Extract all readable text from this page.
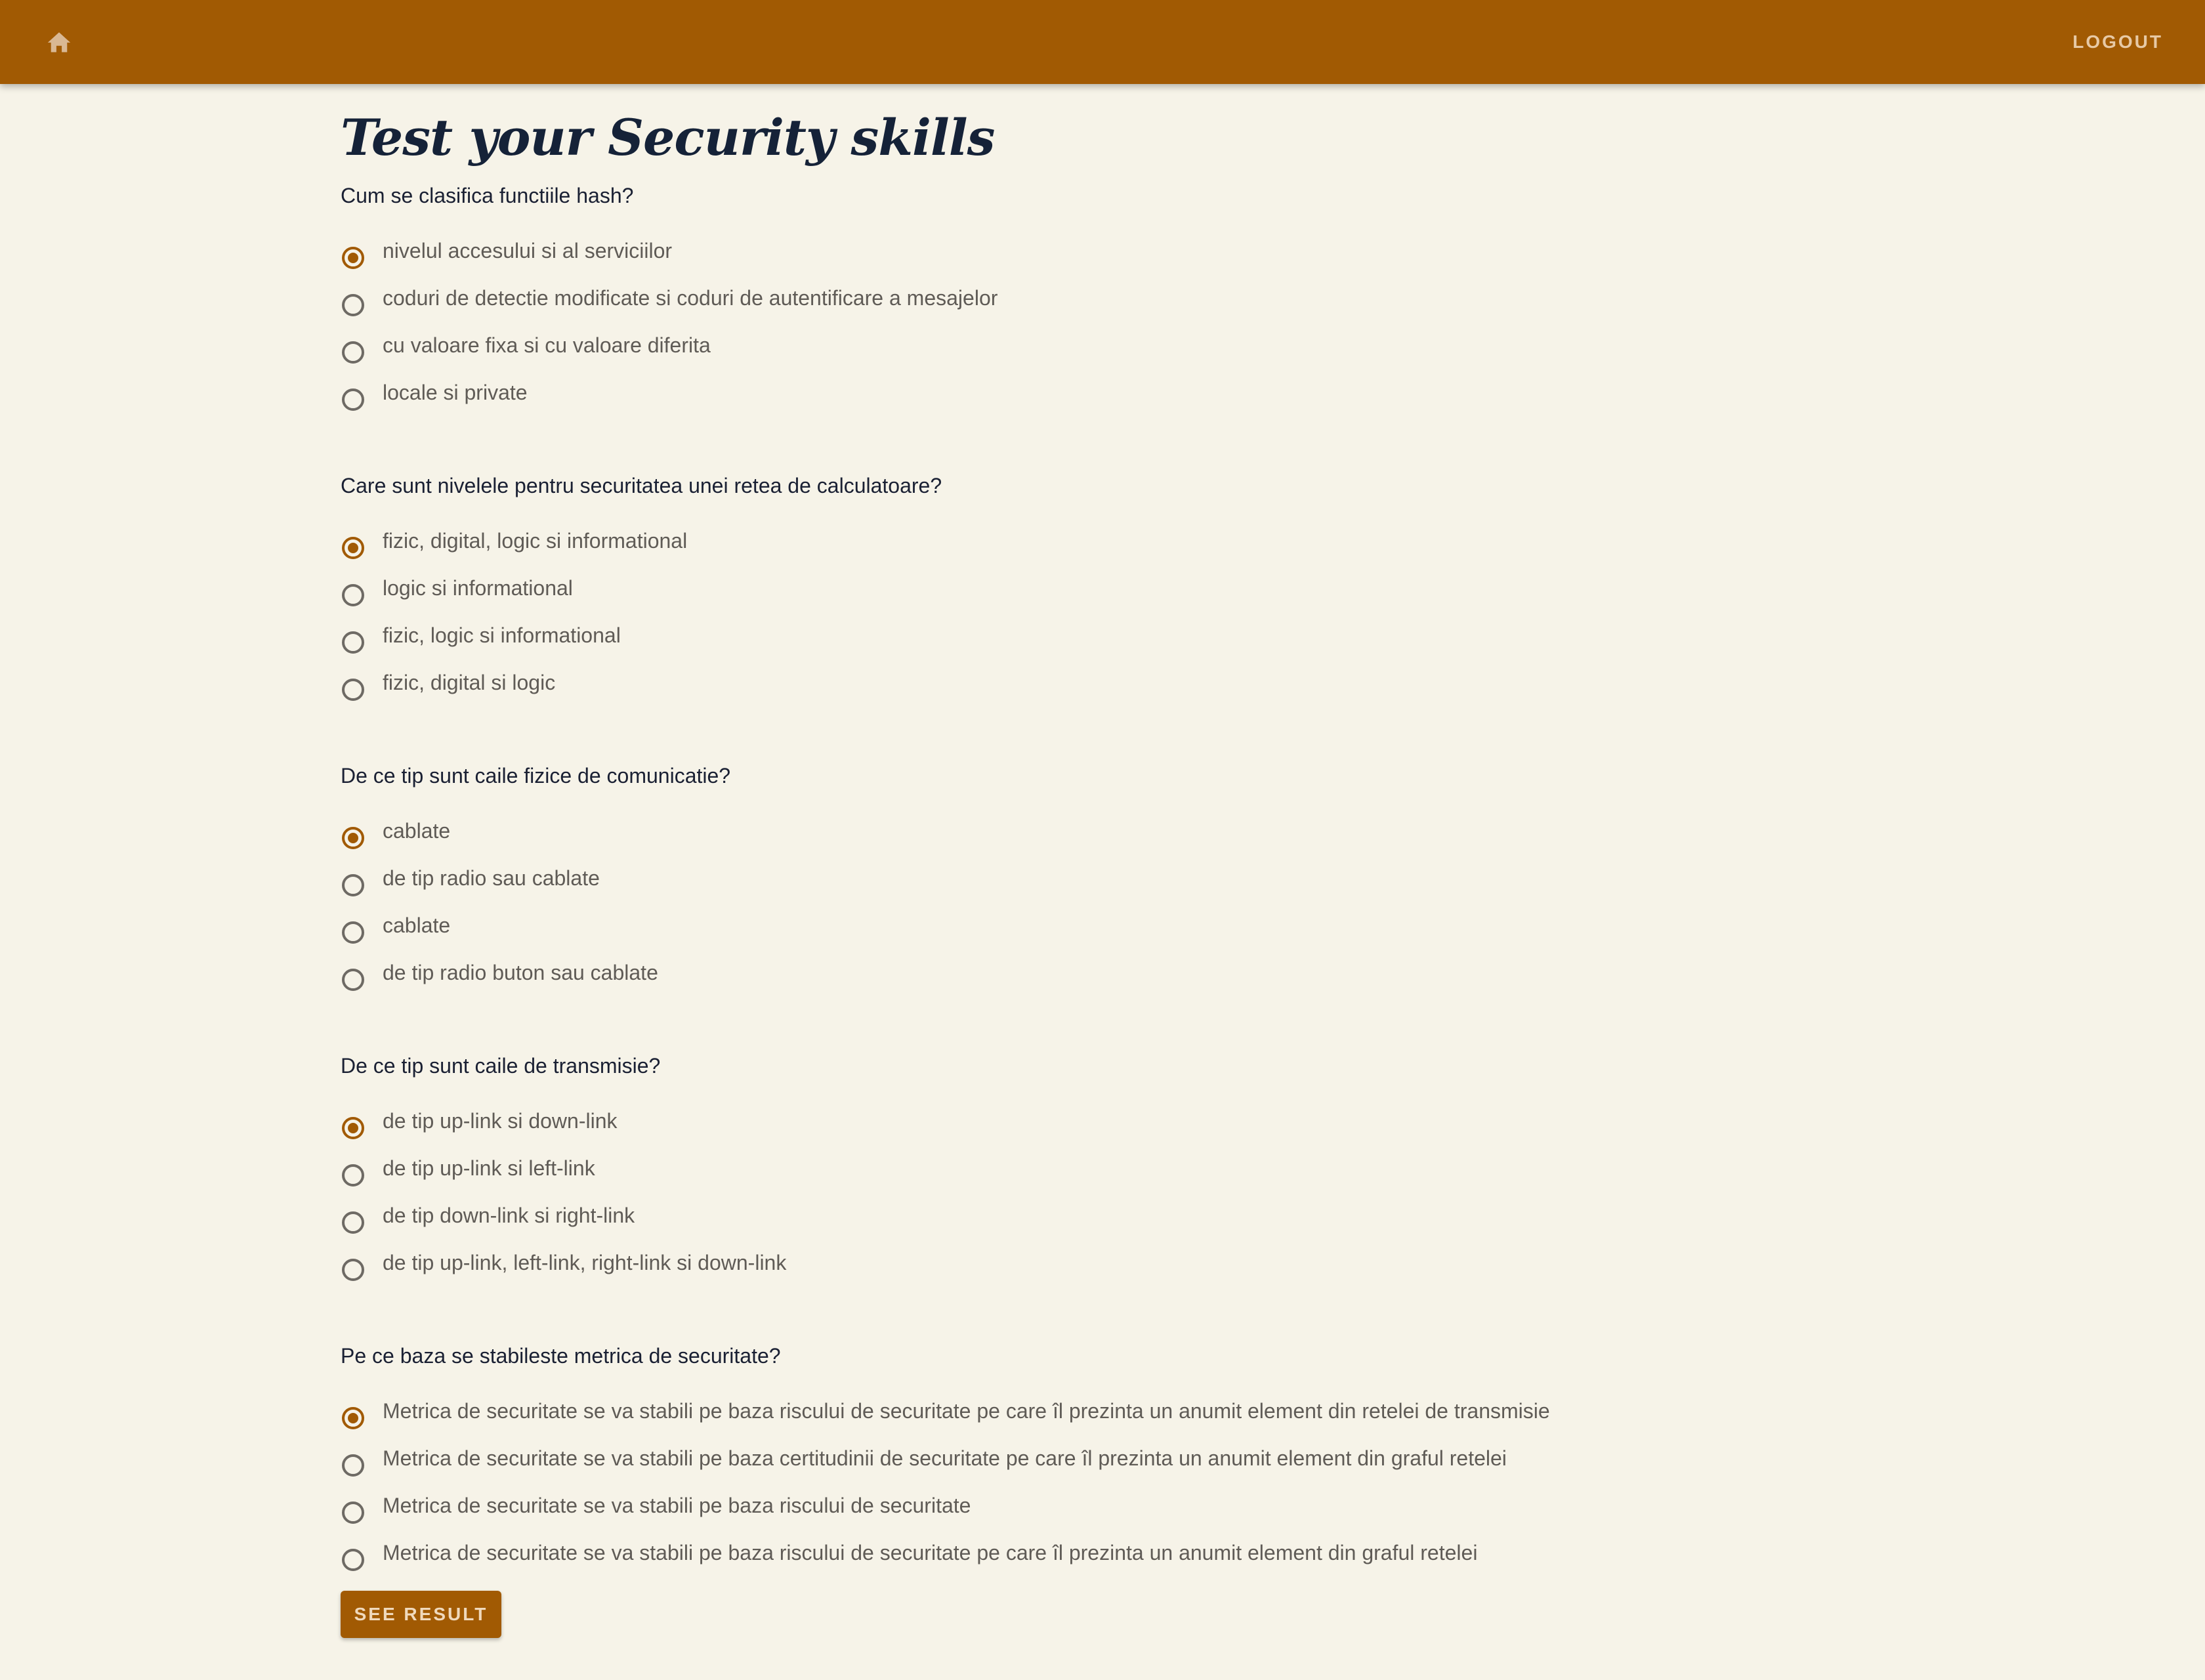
LOGOUT
Test your Security skills
Cum se clasifica functiile hash?
nivelul accesului si al serviciilor
coduri de detectie modificate si coduri de autentificare a mesajelor
cu valoare fixa si cu valoare diferita
locale si private
Care sunt nivelele pentru securitatea unei retea de calculatoare?
fizic, digital, logic si informational
logic si informational
fizic, logic si informational
fizic, digital si logic
De ce tip sunt caile fizice de comunicatie?
cablate
de tip radio sau cablate
cablate
de tip radio buton sau cablate
De ce tip sunt caile de transmisie?
de tip up-link si down-link
de tip up-link si left-link
de tip down-link si right-link
de tip up-link, left-link, right-link si down-link
Pe ce baza se stabileste metrica de securitate?
Metrica de securitate se va stabili pe baza riscului de securitate pe care îl prezinta un anumit element din retelei de transmisie
Metrica de securitate se va stabili pe baza certitudinii de securitate pe care îl prezinta un anumit element din graful retelei
Metrica de securitate se va stabili pe baza riscului de securitate
Metrica de securitate se va stabili pe baza riscului de securitate pe care îl prezinta un anumit element din graful retelei
SEE RESULT
